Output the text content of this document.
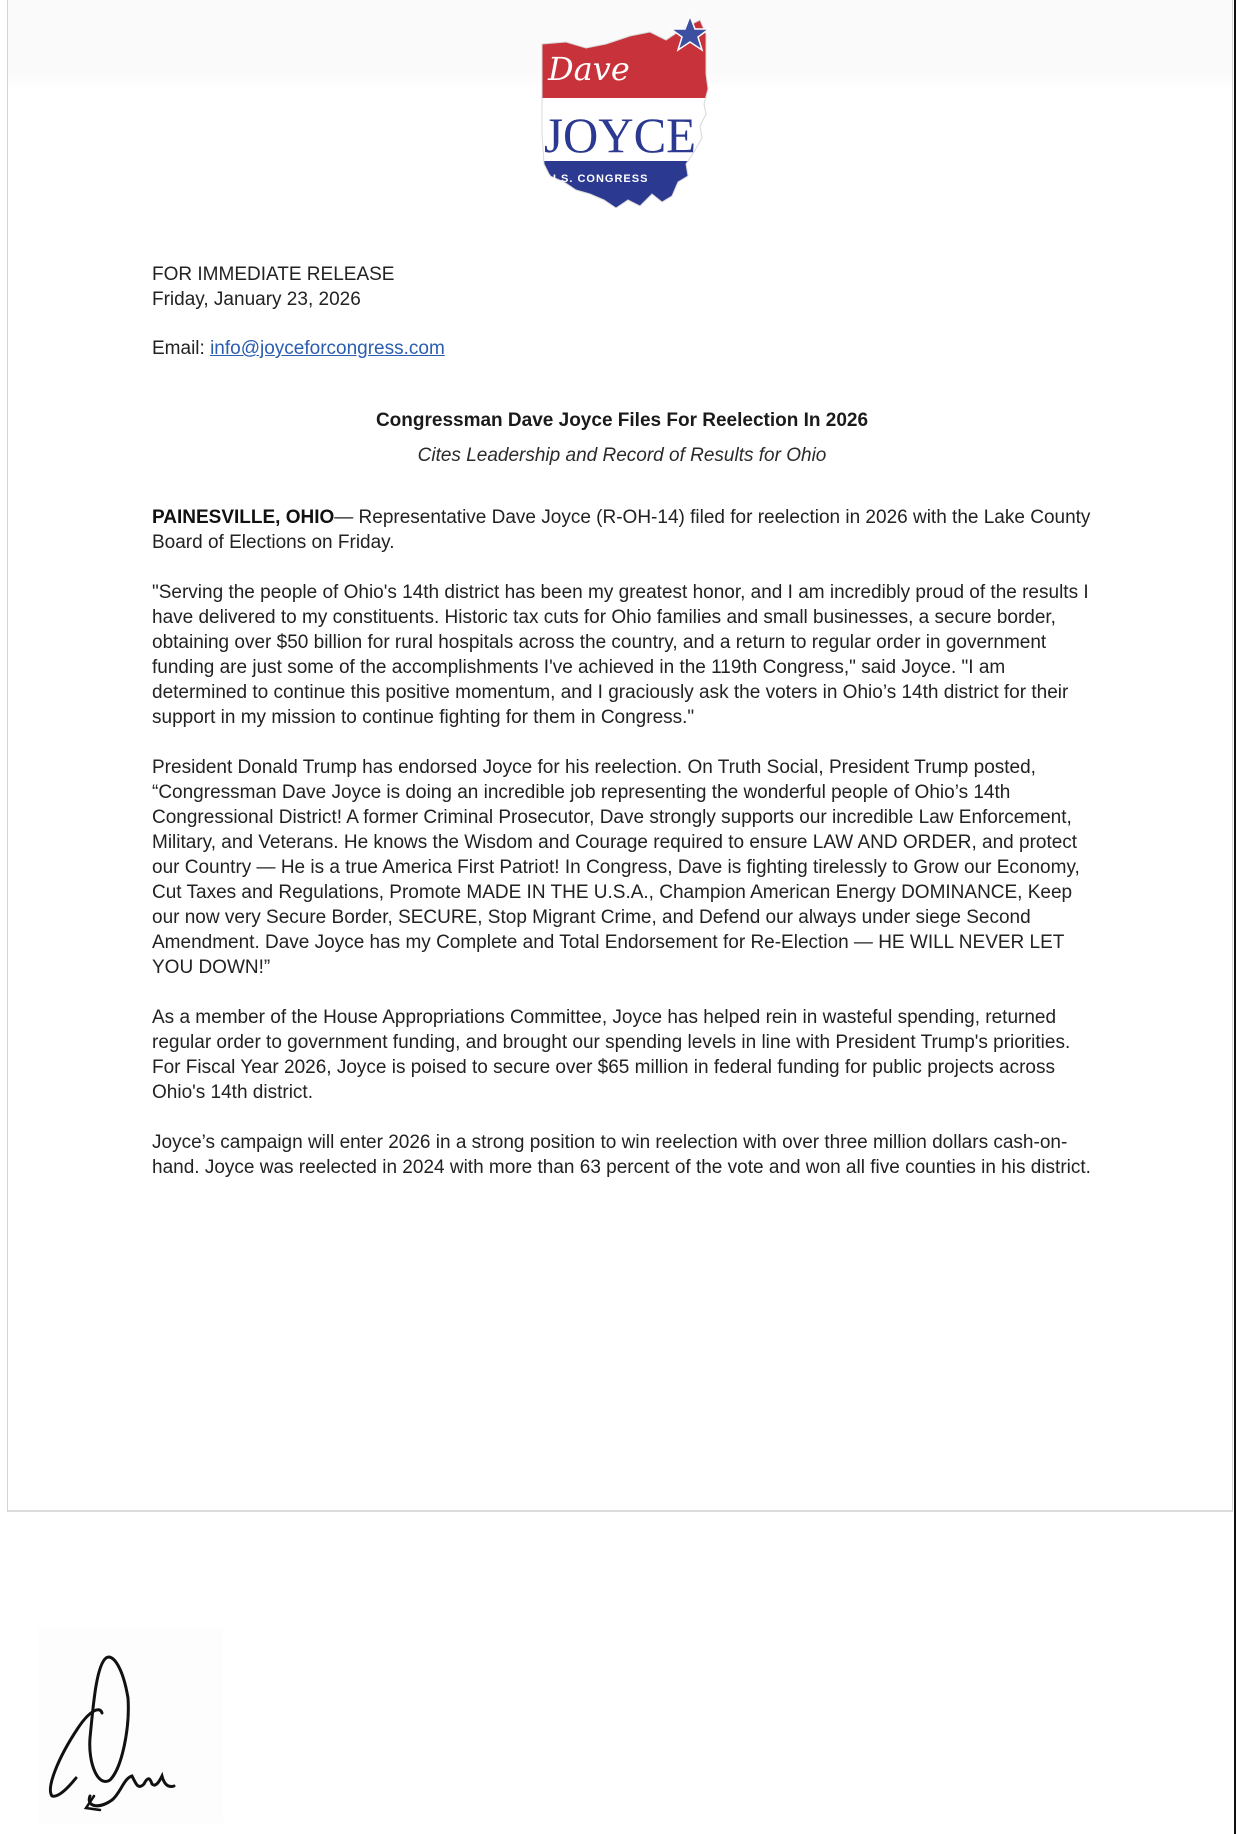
Dave
JOYCE
U.S. CONGRESS
FOR IMMEDIATE RELEASE
Friday, January 23, 2026
Email: info@joyceforcongress.com
Congressman Dave Joyce Files For Reelection In 2026
Cites Leadership and Record of Results for Ohio

PAINESVILLE, OHIO— Representative Dave Joyce (R-OH-14) filed for reelection in 2026 with the Lake County Board of Elections on Friday.

"Serving the people of Ohio's 14th district has been my greatest honor, and I am incredibly proud of the results I have delivered to my constituents. Historic tax cuts for Ohio families and small businesses, a secure border, obtaining over $50 billion for rural hospitals across the country, and a return to regular order in government funding are just some of the accomplishments I've achieved in the 119th Congress," said Joyce. "I am determined to continue this positive momentum, and I graciously ask the voters in Ohio’s 14th district for their support in my mission to continue fighting for them in Congress."

President Donald Trump has endorsed Joyce for his reelection. On Truth Social, President Trump posted, “Congressman Dave Joyce is doing an incredible job representing the wonderful people of Ohio’s 14th Congressional District! A former Criminal Prosecutor, Dave strongly supports our incredible Law Enforcement, Military, and Veterans. He knows the Wisdom and Courage required to ensure LAW AND ORDER, and protect our Country — He is a true America First Patriot! In Congress, Dave is fighting tirelessly to Grow our Economy, Cut Taxes and Regulations, Promote MADE IN THE U.S.A., Champion American Energy DOMINANCE, Keep our now very Secure Border, SECURE, Stop Migrant Crime, and Defend our always under siege Second Amendment. Dave Joyce has my Complete and Total Endorsement for Re-Election — HE WILL NEVER LET YOU DOWN!”

As a member of the House Appropriations Committee, Joyce has helped rein in wasteful spending, returned regular order to government funding, and brought our spending levels in line with President Trump's priorities. For Fiscal Year 2026, Joyce is poised to secure over $65 million in federal funding for public projects across Ohio's 14th district.

Joyce’s campaign will enter 2026 in a strong position to win reelection with over three million dollars cash-on-hand. Joyce was reelected in 2024 with more than 63 percent of the vote and won all five counties in his district.
